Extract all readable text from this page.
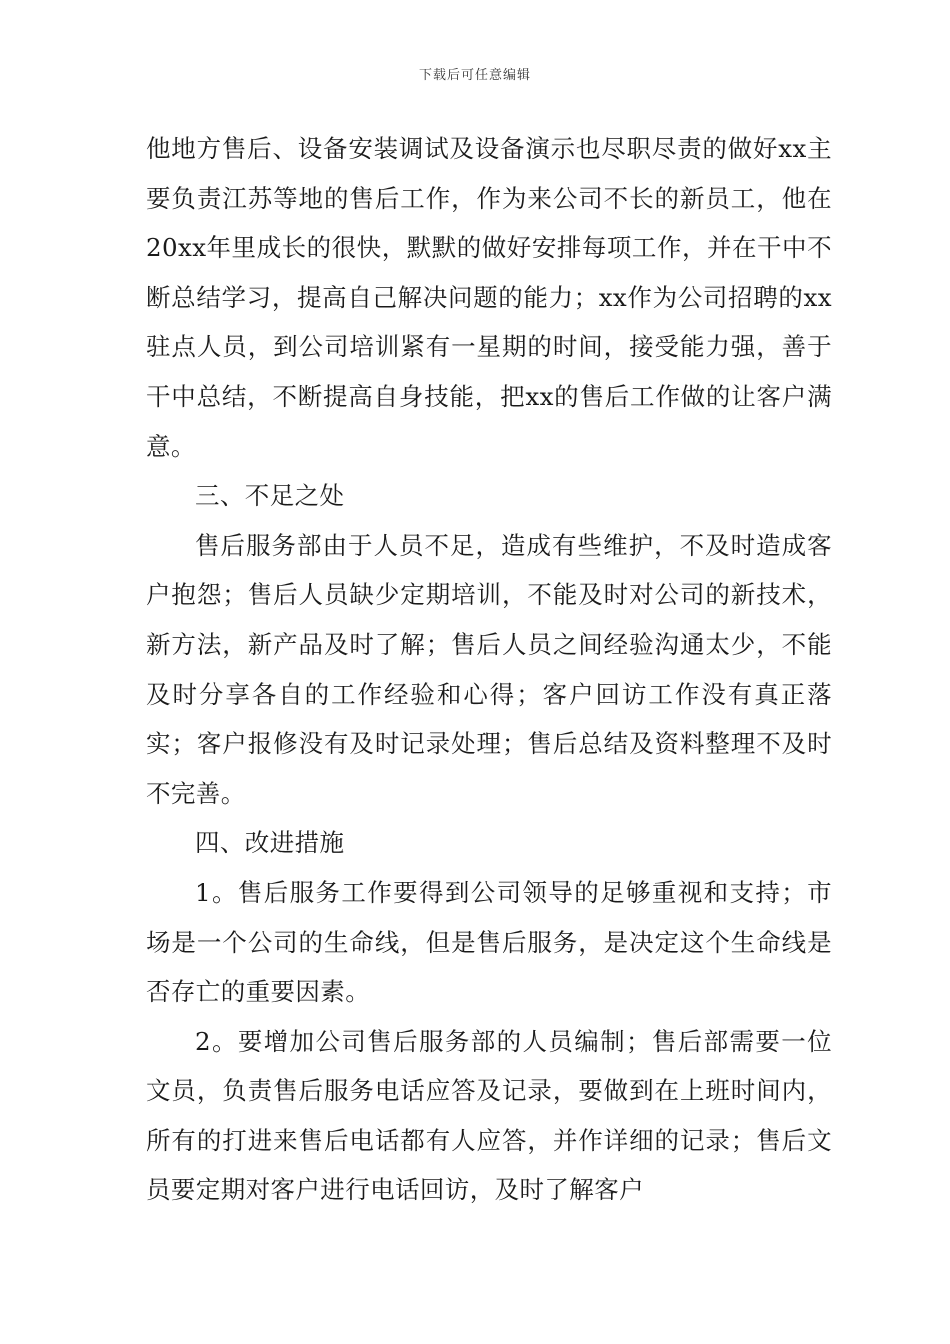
下载后可任意编辑

他地方售后、设备安装调试及设备演示也尽职尽责的做好xx主要负责江苏等地的售后工作，作为来公司不长的新员工，他在20xx年里成长的很快，默默的做好安排每项工作，并在干中不断总结学习，提高自己解决问题的能力；xx作为公司招聘的xx驻点人员，到公司培训紧有一星期的时间，接受能力强，善于干中总结，不断提高自身技能，把xx的售后工作做的让客户满意。

三、不足之处

售后服务部由于人员不足，造成有些维护，不及时造成客户抱怨；售后人员缺少定期培训，不能及时对公司的新技术，新方法，新产品及时了解；售后人员之间经验沟通太少，不能及时分享各自的工作经验和心得；客户回访工作没有真正落实；客户报修没有及时记录处理；售后总结及资料整理不及时不完善。

四、改进措施

1。售后服务工作要得到公司领导的足够重视和支持；市场是一个公司的生命线，但是售后服务，是决定这个生命线是否存亡的重要因素。

2。要增加公司售后服务部的人员编制；售后部需要一位文员，负责售后服务电话应答及记录，要做到在上班时间内，所有的打进来售后电话都有人应答，并作详细的记录；售后文员要定期对客户进行电话回访，及时了解客户
